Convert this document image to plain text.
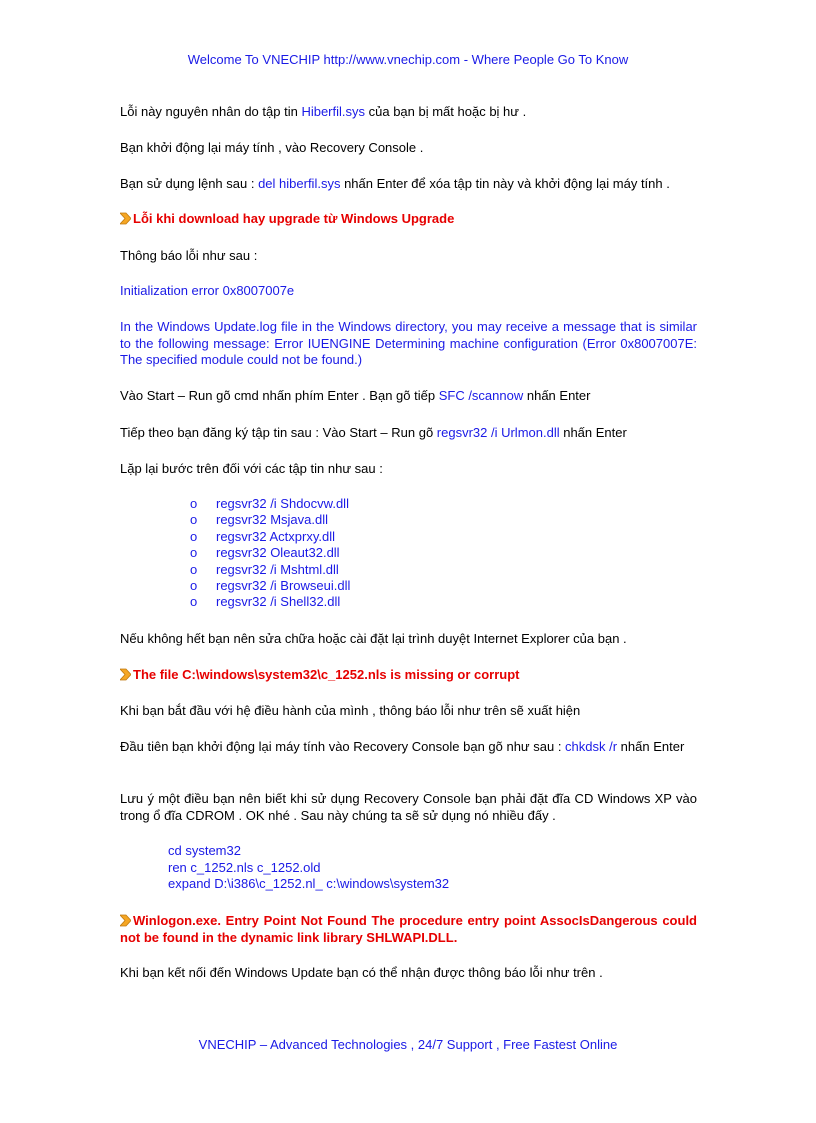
Welcome To VNECHIP http://www.vnechip.com - Where People Go To Know
Lỗi này nguyên nhân do tập tin Hiberfil.sys của bạn bị mất hoặc bị hư .
Bạn khởi động lại máy tính , vào Recovery Console .
Bạn sử dụng lệnh sau : del hiberfil.sys nhấn Enter để xóa tập tin này và khởi động lại máy tính .
Lỗi khi download hay upgrade từ Windows Upgrade
Thông báo lỗi như sau :
Initialization error 0x8007007e
In the Windows Update.log file in the Windows directory, you may receive a message that is similar to the following message: Error IUENGINE Determining machine configuration (Error 0x8007007E: The specified module could not be found.)
Vào Start – Run gõ cmd nhấn phím Enter . Bạn gõ tiếp SFC /scannow nhấn Enter
Tiếp theo bạn đăng ký tập tin sau : Vào Start – Run gõ regsvr32 /i Urlmon.dll nhấn Enter
Lặp lại bước trên đối với các tập tin như sau :
o regsvr32 /i Shdocvw.dll
o regsvr32 Msjava.dll
o regsvr32 Actxprxy.dll
o regsvr32 Oleaut32.dll
o regsvr32 /i Mshtml.dll
o regsvr32 /i Browseui.dll
o regsvr32 /i Shell32.dll
Nếu không hết bạn nên sửa chữa hoặc cài đặt lại trình duyệt Internet Explorer của bạn .
The file C:\windows\system32\c_1252.nls is missing or corrupt
Khi bạn bắt đầu với hệ điều hành của mình , thông báo lỗi như trên sẽ xuất hiện
Đầu tiên bạn khởi động lại máy tính vào Recovery Console bạn gõ như sau : chkdsk /r nhấn Enter
Lưu ý một điều bạn nên biết khi sử dụng Recovery Console bạn phải đặt đĩa CD Windows XP vào trong ổ đĩa CDROM . OK nhé . Sau này chúng ta sẽ sử dụng nó nhiều đấy .
cd system32
ren c_1252.nls c_1252.old
expand D:\i386\c_1252.nl_ c:\windows\system32
Winlogon.exe. Entry Point Not Found The procedure entry point AssocIsDangerous could not be found in the dynamic link library SHLWAPI.DLL.
Khi bạn kết nối đến Windows Update bạn có thể nhận được thông báo lỗi như trên .
VNECHIP – Advanced Technologies , 24/7 Support , Free Fastest Online
